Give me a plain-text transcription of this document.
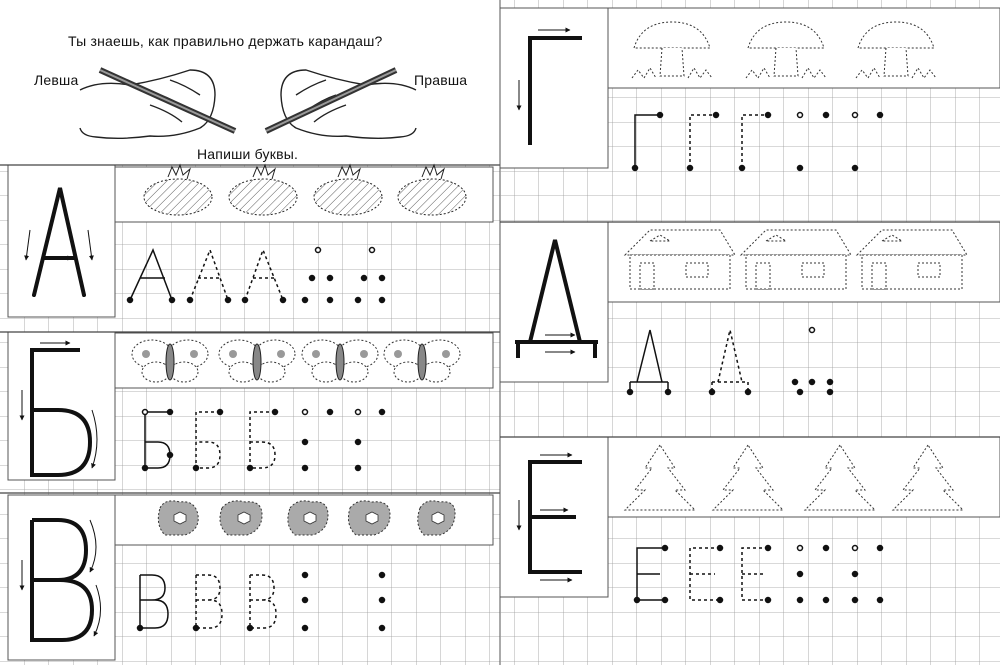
Ты знаешь, как правильно держать карандаш?
Левша	Правша
Напиши буквы.
